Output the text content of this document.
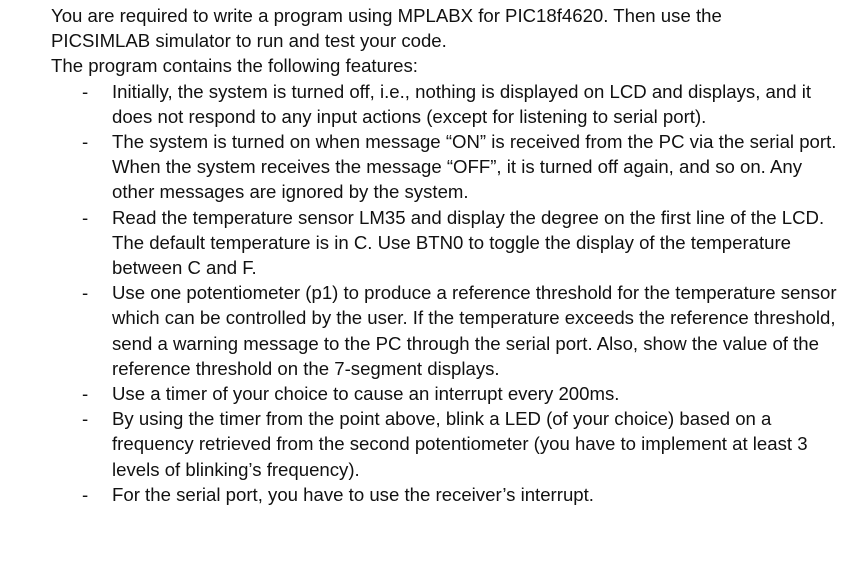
You are required to write a program using MPLABX for PIC18f4620. Then use the
PICSIMLAB simulator to run and test your code.
The program contains the following features:

- Initially, the system is turned off, i.e., nothing is displayed on LCD and displays, and it does not respond to any input actions (except for listening to serial port).
- The system is turned on when message “ON” is received from the PC via the serial port. When the system receives the message “OFF”, it is turned off again, and so on. Any other messages are ignored by the system.
- Read the temperature sensor LM35 and display the degree on the first line of the LCD. The default temperature is in C. Use BTN0 to toggle the display of the temperature between C and F.
- Use one potentiometer (p1) to produce a reference threshold for the temperature sensor which can be controlled by the user. If the temperature exceeds the reference threshold, send a warning message to the PC through the serial port. Also, show the value of the reference threshold on the 7-segment displays.
- Use a timer of your choice to cause an interrupt every 200ms.
- By using the timer from the point above, blink a LED (of your choice) based on a frequency retrieved from the second potentiometer (you have to implement at least 3 levels of blinking’s frequency).
- For the serial port, you have to use the receiver’s interrupt.
